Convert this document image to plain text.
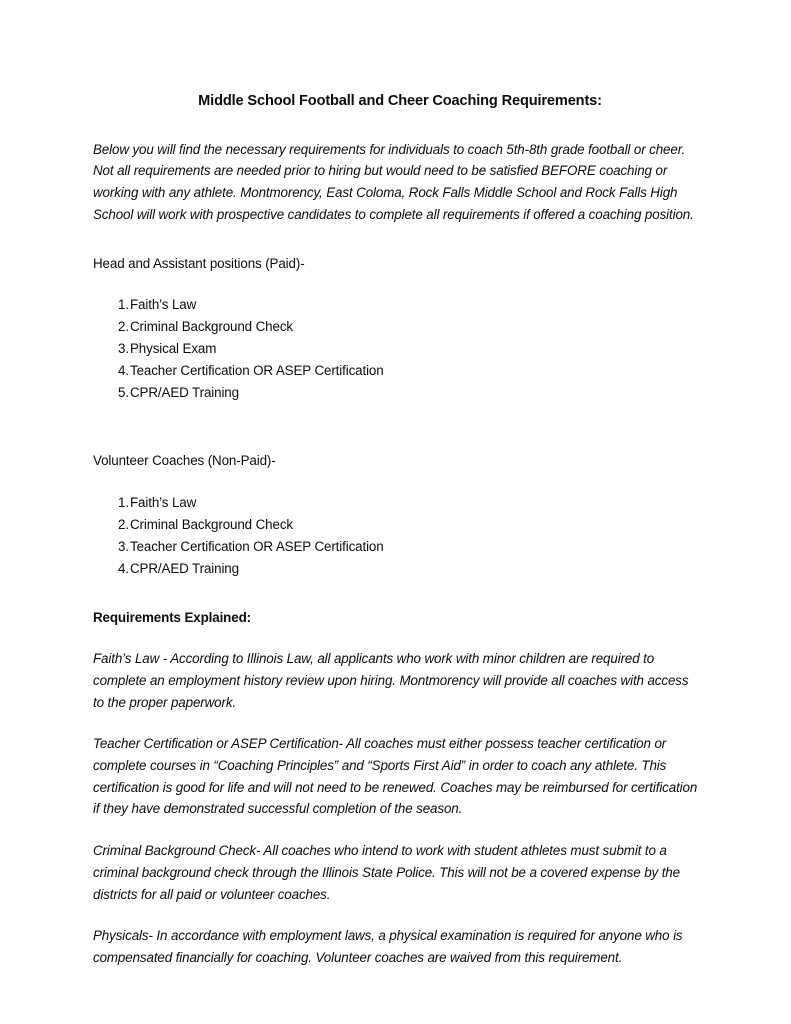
Middle School Football and Cheer Coaching Requirements:

Below you will find the necessary requirements for individuals to coach 5th-8th grade football or cheer. Not all requirements are needed prior to hiring but would need to be satisfied BEFORE coaching or working with any athlete. Montmorency, East Coloma, Rock Falls Middle School and Rock Falls High School will work with prospective candidates to complete all requirements if offered a coaching position.

Head and Assistant positions (Paid)-

1. Faith’s Law
2. Criminal Background Check
3. Physical Exam
4. Teacher Certification OR ASEP Certification
5. CPR/AED Training

Volunteer Coaches (Non-Paid)-

1. Faith’s Law
2. Criminal Background Check
3. Teacher Certification OR ASEP Certification
4. CPR/AED Training
Requirements Explained:

Faith’s Law - According to Illinois Law, all applicants who work with minor children are required to complete an employment history review upon hiring. Montmorency will provide all coaches with access to the proper paperwork.

Teacher Certification or ASEP Certification- All coaches must either possess teacher certification or complete courses in “Coaching Principles” and “Sports First Aid” in order to coach any athlete. This certification is good for life and will not need to be renewed. Coaches may be reimbursed for certification if they have demonstrated successful completion of the season.

Criminal Background Check- All coaches who intend to work with student athletes must submit to a criminal background check through the Illinois State Police. This will not be a covered expense by the districts for all paid or volunteer coaches.

Physicals- In accordance with employment laws, a physical examination is required for anyone who is compensated financially for coaching. Volunteer coaches are waived from this requirement.
